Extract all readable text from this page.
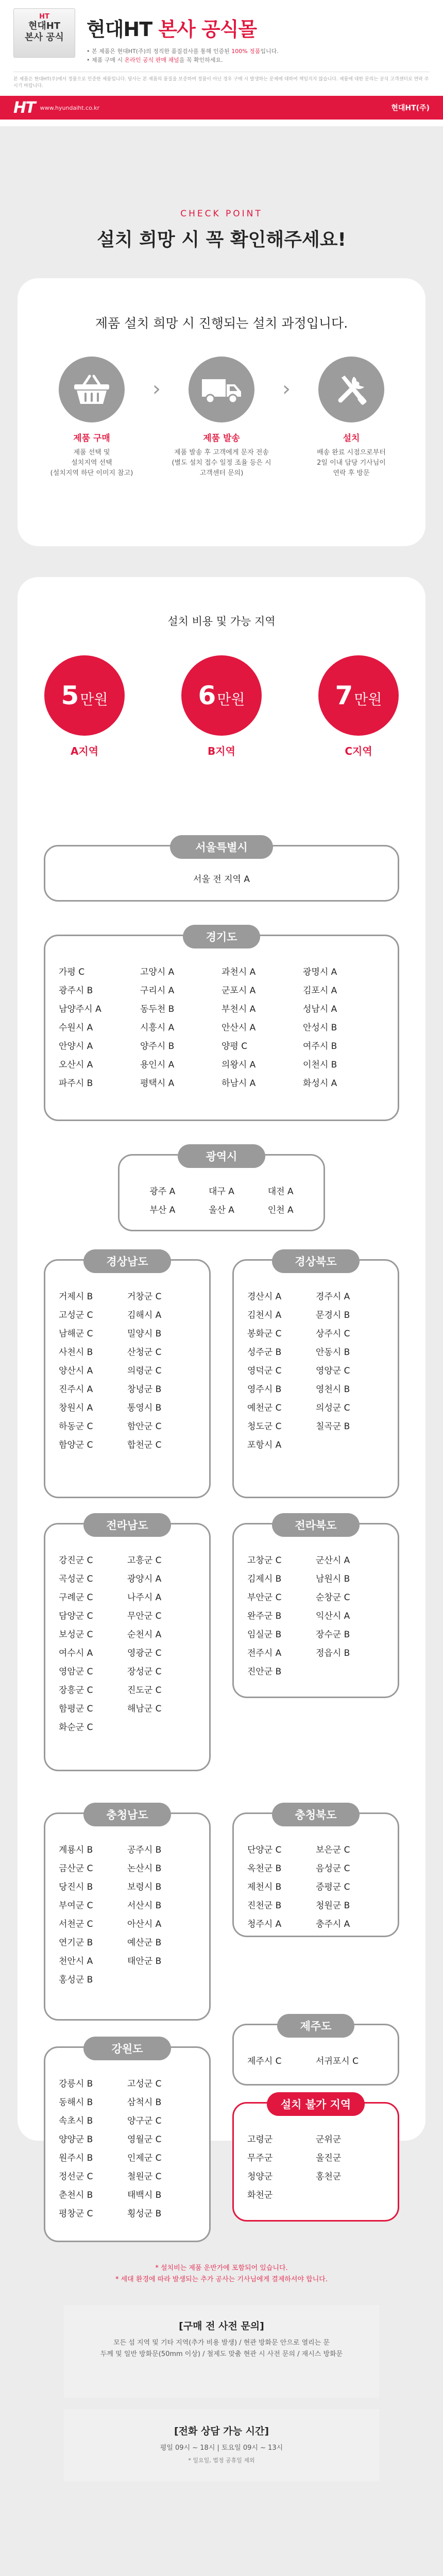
HT
현대HT
본사 공식	현대HT 본사 공식몰
• 본 제품은 현대HT(주)의 정직한 품질검사를 통해 인증된 100% 정품입니다.
• 제품 구매 시 온라인 공식 판매 채널을 꼭 확인하세요.
본 제품은 현대HT(주)에서 정품으로 인증한 제품입니다. 당사는 본 제품의 품질을 보증하며 정품이 아닌 경우 구매 시 발생하는 문제에 대하여 책임지지 않습니다. 제품에 대한 문의는 공식 고객센터로 연락 주시기 바랍니다.
HT www.hyundaiht.co.kr	현대HT(주)
CHECK POINT
설치 희망 시 꼭 확인해주세요!
제품 설치 희망 시 진행되는 설치 과정입니다.
제품 구매
제품 선택 및
설치지역 선택
(설치지역 하단 이미지 참고)
›
제품 발송
제품 발송 후 고객에게 문자 전송
(별도 설치 접수 일정 조율 등은 시
고객센터 문의)
›
설치
배송 완료 시점으로부터
2일 이내 담당 기사님이
연락 후 방문
설치 비용 및 가능 지역
5 만원
A지역
6 만원
B지역
7 만원
C지역
서울특별시
서울 전 지역 A
경기도
가평 C	고양시 A	과천시 A	광명시 A
광주시 B	구리시 A	군포시 A	김포시 A
남양주시 A	동두천 B	부천시 A	성남시 A
수원시 A	시흥시 A	안산시 A	안성시 B
안양시 A	양주시 B	양평 C	여주시 B
오산시 A	용인시 A	의왕시 A	이천시 B
파주시 B	평택시 A	하남시 A	화성시 A
광역시
광주 A	대구 A	대전 A
부산 A	울산 A	인천 A
경상남도
거제시 B	거창군 C
고성군 C	김해시 A
남해군 C	밀양시 B
사천시 B	산청군 C
양산시 A	의령군 C
진주시 A	창녕군 B
창원시 A	통영시 B
하동군 C	함안군 C
함양군 C	합천군 C
경상북도
경산시 A	경주시 A
김천시 A	문경시 B
봉화군 C	상주시 C
성주군 B	안동시 B
영덕군 C	영양군 C
영주시 B	영천시 B
예천군 C	의성군 C
청도군 C	칠곡군 B
포항시 A
전라남도
강진군 C	고흥군 C
곡성군 C	광양시 A
구례군 C	나주시 A
담양군 C	무안군 C
보성군 C	순천시 A
여수시 A	영광군 C
영암군 C	장성군 C
장흥군 C	진도군 C
함평군 C	해남군 C
화순군 C
전라북도
고창군 C	군산시 A
김제시 B	남원시 B
부안군 C	순창군 C
완주군 B	익산시 A
임실군 B	장수군 B
전주시 A	정읍시 B
진안군 B
충청남도
계룡시 B	공주시 B
금산군 C	논산시 B
당진시 B	보령시 B
부여군 C	서산시 B
서천군 C	아산시 A
연기군 B	예산군 B
천안시 A	태안군 B
홍성군 B
충청북도
단양군 C	보은군 C
옥천군 B	음성군 C
제천시 B	증평군 C
진천군 B	청원군 B
청주시 A	충주시 A
강원도
강릉시 B	고성군 C
동해시 B	삼척시 B
속초시 B	양구군 C
양양군 B	영월군 C
원주시 B	인제군 C
정선군 C	철원군 C
춘천시 B	태백시 B
평창군 C	횡성군 B
제주도
제주시 C	서귀포시 C
설치 불가 지역
고령군	군위군
무주군	울진군
청양군	홍천군
화천군
* 설치비는 제품 운반가에 포함되어 있습니다.
* 세대 환경에 따라 발생되는 추가 공사는 기사님에게 결제하셔야 합니다.
[구매 전 사전 문의]
모든 섬 지역 및 기타 지역(추가 비용 발생) / 현관 방화문 안으로 열리는 문
두께 및 일반 방화문(50mm 이상) / 철제도 맞춤 현관 시 사전 문의 / 재시스 방화문
[전화 상담 가능 시간]
평일 09시 ~ 18시 | 토요일 09시 ~ 13시
* 일요일, 법정 공휴일 제외
